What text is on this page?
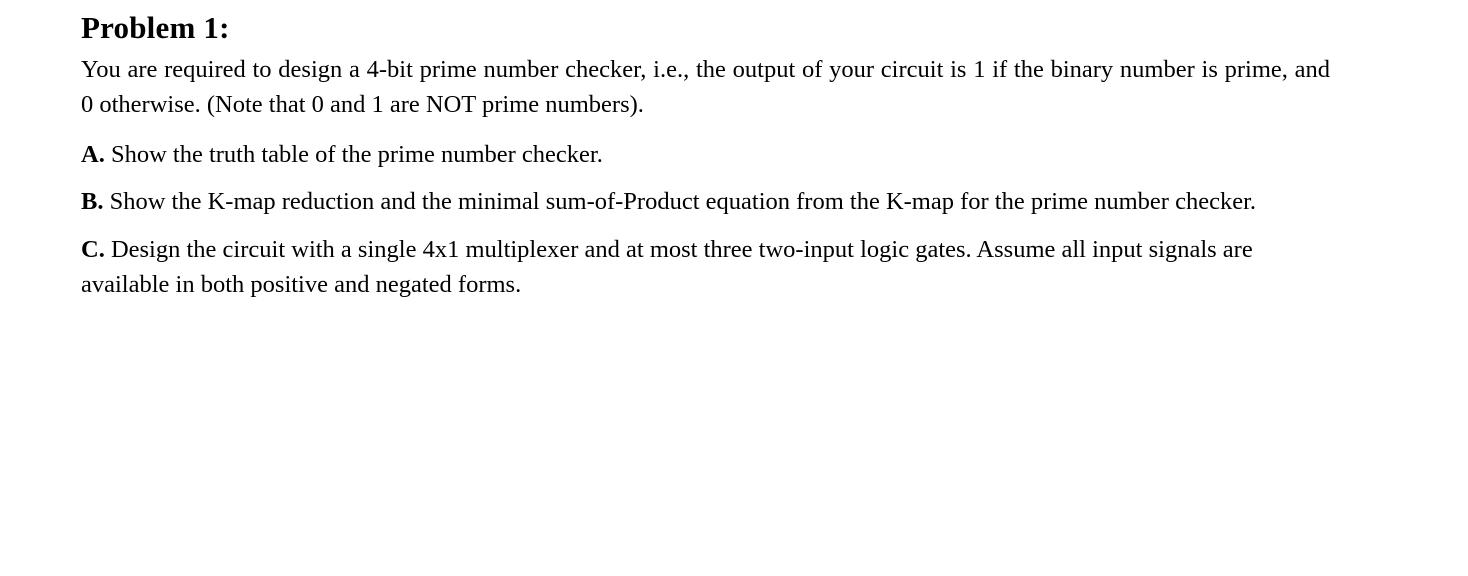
Problem 1:

You are required to design a 4-bit prime number checker, i.e., the output of your circuit is 1 if the binary number is prime, and 0 otherwise. (Note that 0 and 1 are NOT prime numbers).

A. Show the truth table of the prime number checker.

B. Show the K-map reduction and the minimal sum-of-Product equation from the K-map for the prime number checker.

C. Design the circuit with a single 4x1 multiplexer and at most three two-input logic gates. Assume all input signals are available in both positive and negated forms.
